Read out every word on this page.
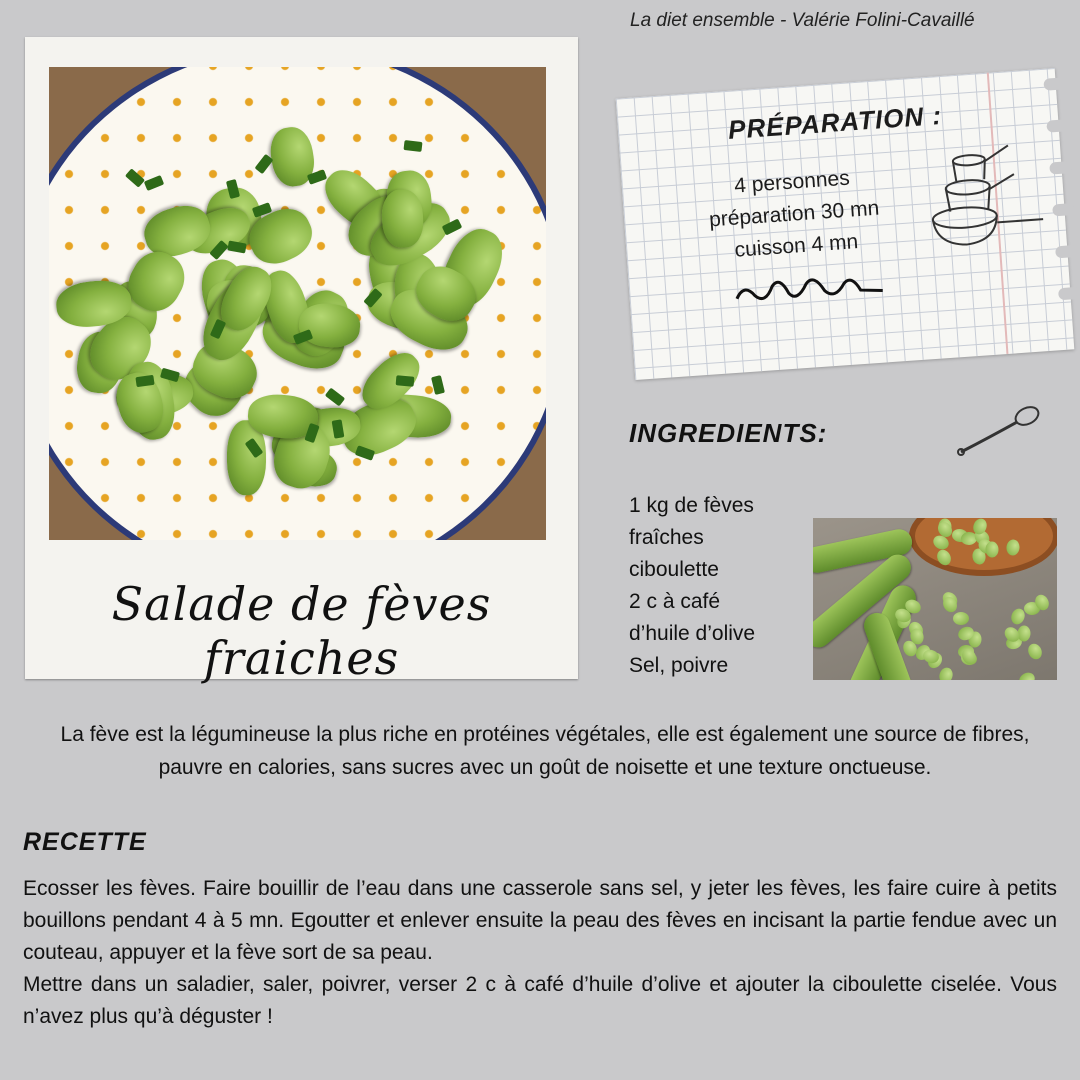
La diet ensemble - Valérie Folini-Cavaillé
Salade de fèves fraiches
PRÉPARATION :
4 personnes
préparation 30 mn
cuisson 4 mn
INGREDIENTS:
1 kg de fèves
fraîches
ciboulette
2 c à café
d’huile d’olive
Sel, poivre
La fève est la légumineuse la plus riche en protéines végétales, elle est également une source de fibres, pauvre en calories, sans sucres avec un goût de noisette et une texture onctueuse.
RECETTE

Ecosser les fèves. Faire bouillir de l’eau dans une casserole sans sel, y jeter les fèves, les faire cuire à petits bouillons pendant 4 à 5 mn. Egoutter et enlever ensuite la peau des fèves en incisant la partie fendue avec un couteau, appuyer et la fève sort de sa peau.

Mettre dans un saladier, saler, poivrer, verser 2 c à café d’huile d’olive et ajouter la ciboulette ciselée. Vous n’avez plus qu’à déguster !
